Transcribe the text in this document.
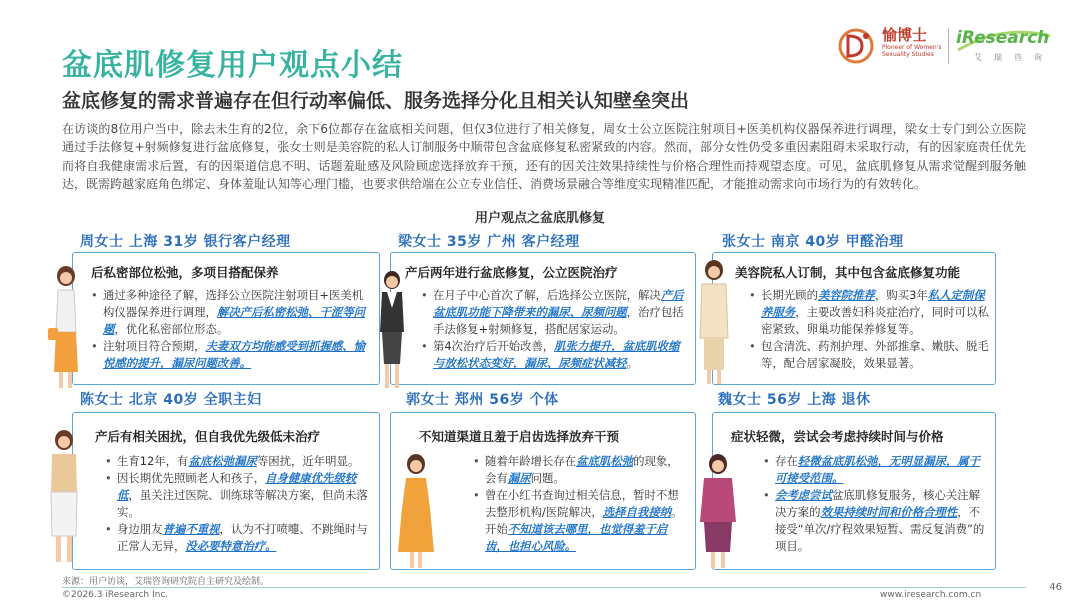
盆底肌修复用户观点小结
盆底修复的需求普遍存在但行动率偏低、服务选择分化且相关认知壁垒突出
在访谈的8位用户当中，除去未生育的2位，余下6位都存在盆底相关问题，但仅3位进行了相关修复，周女士公立医院注射项目+医美机构仪器保养进行调理，梁女士专门到公立医院通过手法修复+射频修复进行盆底修复，张女士则是美容院的私人订制服务中顺带包含盆底修复私密紧致的内容。然而，部分女性仍受多重因素阻碍未采取行动，有的因家庭责任优先而将自我健康需求后置，有的因渠道信息不明、话题羞耻感及风险顾虑选择放弃干预，还有的因关注效果持续性与价格合理性而持观望态度。可见，盆底肌修复从需求觉醒到服务触达，既需跨越家庭角色绑定、身体羞耻认知等心理门槛，也要求供给端在公立专业信任、消费场景融合等维度实现精准匹配，才能推动需求向市场行为的有效转化。
愉博士
Pioneer of Women's Sexuality Studies
iResearch
艾瑞咨询
用户观点之盆底肌修复
周女士 上海 31岁 银行客户经理	梁女士 35岁 广州 客户经理	张女士 南京 40岁 甲醛治理
后私密部位松弛，多项目搭配保养
• 通过多种途径了解，选择公立医院注射项目+医美机构仪器保养进行调理，解决产后私密松弛、干涩等问题，优化私密部位形态。
• 注射项目符合预期，夫妻双方均能感受到抓握感、愉悦感的提升，漏尿问题改善。
产后两年进行盆底修复，公立医院治疗
• 在月子中心首次了解，后选择公立医院，解决产后盆底肌功能下降带来的漏尿、尿频问题，治疗包括手法修复+射频修复，搭配居家运动。
• 第4次治疗后开始改善，肌张力提升，盆底肌收缩与放松状态变好，漏尿、尿频症状减轻。
美容院私人订制，其中包含盆底修复功能
• 长期光顾的美容院推荐，购买3年私人定制保养服务，主要改善妇科炎症治疗，同时可以私密紧致、卵巢功能保养修复等。
• 包含清洗、药剂护理、外部推拿、嫩肤、脱毛等，配合居家凝胶，效果显著。
陈女士 北京 40岁 全职主妇	郭女士 郑州 56岁 个体	魏女士 56岁 上海 退休
产后有相关困扰，但自我优先级低未治疗
• 生育12年，有盆底松弛漏尿等困扰，近年明显。
• 因长期优先照顾老人和孩子，自身健康优先级较低，虽关注过医院、训练球等解决方案，但尚未落实。
• 身边朋友普遍不重视，认为不打喷嚏、不跳绳时与正常人无异，没必要特意治疗。
不知道渠道且羞于启齿选择放弃干预
• 随着年龄增长存在盆底肌松弛的现象，会有漏尿问题。
• 曾在小红书查询过相关信息，暂时不想去整形机构/医院解决，选择自我接纳。开始不知道该去哪里，也觉得羞于启齿，也担心风险。
症状轻微，尝试会考虑持续时间与价格
• 存在轻微盆底肌松弛，无明显漏尿，属于可接受范围。
• 会考虑尝试盆底肌修复服务，核心关注解决方案的效果持续时间和价格合理性，不接受“单次/疗程效果短暂、需反复消费”的项目。
来源：用户访谈，艾瑞咨询研究院自主研究及绘制。
©2026.3 iResearch Inc.	www.iresearch.com.cn
46
